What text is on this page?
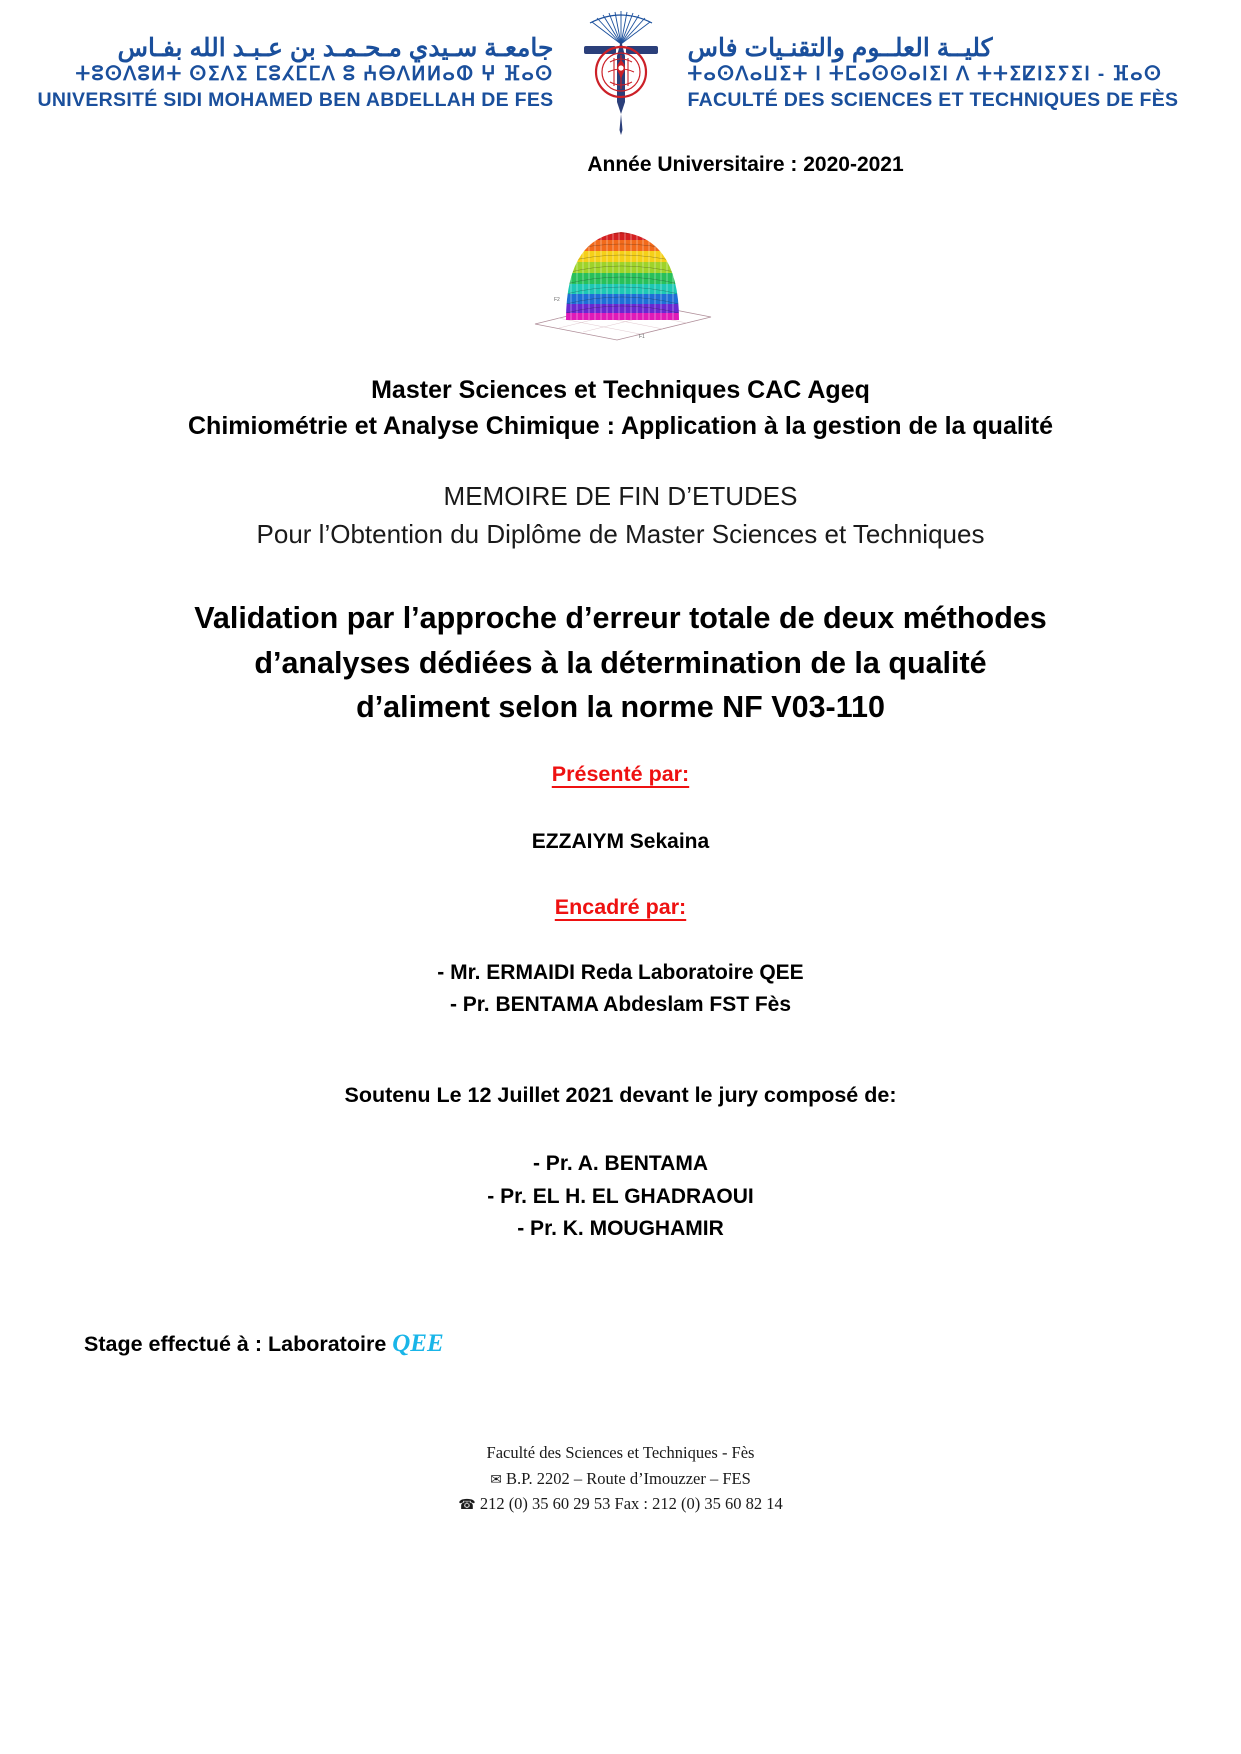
جامعـة سـيدي مـحـمـد بن عـبـد الله بفـاس
ⵜⵓⵙⴷⵓⵍⵜ ⵙⵉⴷⵉ ⵎⵓⵃⵎⵎⴷ ⵓ ⵄⴱⴷⵍⵍⴰⵀ ⵖ ⴼⴰⵙ
UNIVERSITÉ SIDI MOHAMED BEN ABDELLAH DE FES
كليــة العلــوم والتقنـيات فاس
ⵜⴰⵙⴷⴰⵡⵉⵜ ⵏ ⵜⵎⴰⵙⵙⴰⵏⵉⵏ ⴷ ⵜⵜⵉⵇⵏⵉⵢⵉⵏ - ⴼⴰⵙ
FACULTÉ DES SCIENCES ET TECHNIQUES DE FÈS
Année Universitaire : 2020-2021
F2
F1
Master Sciences et Techniques CAC Ageq
Chimiométrie et Analyse Chimique : Application à la gestion de la qualité
MEMOIRE DE FIN D’ETUDES
Pour l’Obtention du Diplôme de Master Sciences et Techniques
Validation par l’approche d’erreur totale de deux méthodes
d’analyses dédiées à la détermination de la qualité
d’aliment selon la norme NF V03-110
Présenté par:
EZZAIYM Sekaina
Encadré par:
- Mr. ERMAIDI Reda Laboratoire QEE
- Pr. BENTAMA Abdeslam FST Fès
Soutenu Le 12 Juillet 2021 devant le jury composé de:
- Pr. A. BENTAMA
- Pr. EL H. EL GHADRAOUI
- Pr. K. MOUGHAMIR
Stage effectué à : Laboratoire QEE
Faculté des Sciences et Techniques - Fès
✉ B.P. 2202 – Route d’Imouzzer – FES
☎ 212 (0) 35 60 29 53 Fax : 212 (0) 35 60 82 14
